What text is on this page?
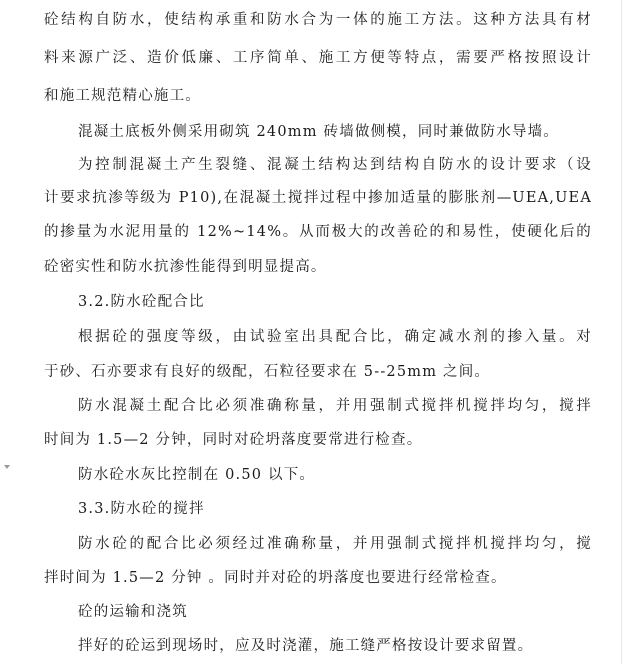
砼结构自防水，使结构承重和防水合为一体的施工方法。这种方法具有材
料来源广泛、造价低廉、工序简单、施工方便等特点，需要严格按照设计
和施工规范精心施工。
混凝土底板外侧采用砌筑 240mm 砖墙做侧模，同时兼做防水导墙。
为控制混凝土产生裂缝、混凝土结构达到结构自防水的设计要求（设
计要求抗渗等级为 P10),在混凝土搅拌过程中掺加适量的膨胀剂—UEA,UEA
的掺量为水泥用量的 12%~14%。从而极大的改善砼的和易性，使硬化后的
砼密实性和防水抗渗性能得到明显提高。
3.2.防水砼配合比
根据砼的强度等级，由试验室出具配合比，确定减水剂的掺入量。对
于砂、石亦要求有良好的级配，石粒径要求在 5--25mm 之间。
防水混凝土配合比必须准确称量，并用强制式搅拌机搅拌均匀，搅拌
时间为 1.5—2 分钟，同时对砼坍落度要常进行检查。
防水砼水灰比控制在 0.50 以下。
3.3.防水砼的搅拌
防水砼的配合比必须经过准确称量，并用强制式搅拌机搅拌均匀，搅
拌时间为 1.5—2 分钟 。同时并对砼的坍落度也要进行经常检查。
砼的运输和浇筑
拌好的砼运到现场时，应及时浇灌，施工缝严格按设计要求留置。
